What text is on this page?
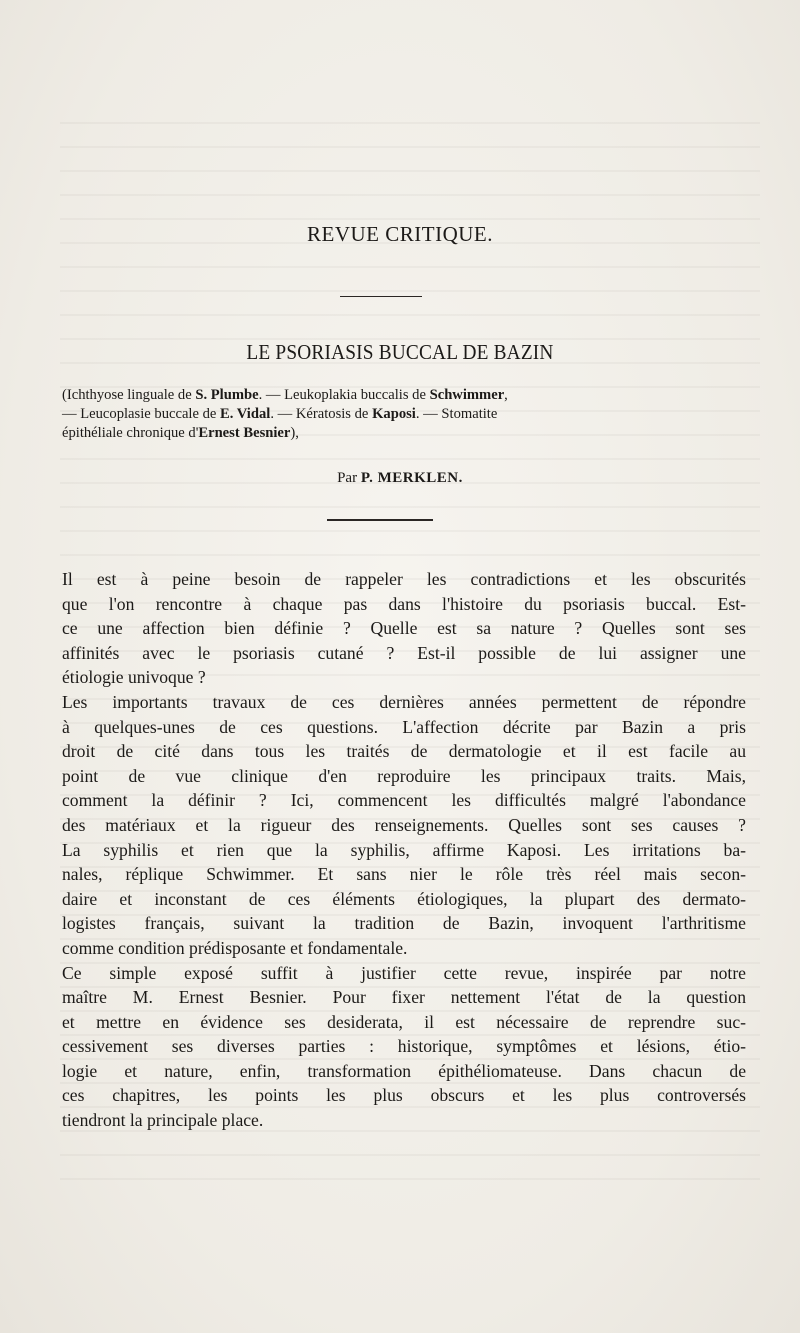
REVUE CRITIQUE.
LE PSORIASIS BUCCAL DE BAZIN
(Ichthyose linguale de S. Plumbe. — Leukoplakia buccalis de Schwimmer,
— Leucoplasie buccale de E. Vidal. — Kératosis de Kaposi. — Stomatite
épithéliale chronique d'Ernest Besnier),
Par P. MERKLEN.

Il est à peine besoin de rappeler les contradictions et les obscurités
que l'on rencontre à chaque pas dans l'histoire du psoriasis buccal. Est-
ce une affection bien définie ? Quelle est sa nature ? Quelles sont ses
affinités avec le psoriasis cutané ? Est-il possible de lui assigner une
étiologie univoque ?

Les importants travaux de ces dernières années permettent de répondre
à quelques-unes de ces questions. L'affection décrite par Bazin a pris
droit de cité dans tous les traités de dermatologie et il est facile au
point de vue clinique d'en reproduire les principaux traits. Mais,
comment la définir ? Ici, commencent les difficultés malgré l'abondance
des matériaux et la rigueur des renseignements. Quelles sont ses causes ?
La syphilis et rien que la syphilis, affirme Kaposi. Les irritations ba-
nales, réplique Schwimmer. Et sans nier le rôle très réel mais secon-
daire et inconstant de ces éléments étiologiques, la plupart des dermato-
logistes français, suivant la tradition de Bazin, invoquent l'arthritisme
comme condition prédisposante et fondamentale.

Ce simple exposé suffit à justifier cette revue, inspirée par notre
maître M. Ernest Besnier. Pour fixer nettement l'état de la question
et mettre en évidence ses desiderata, il est nécessaire de reprendre suc-
cessivement ses diverses parties : historique, symptômes et lésions, étio-
logie et nature, enfin, transformation épithéliomateuse. Dans chacun de
ces chapitres, les points les plus obscurs et les plus controversés
tiendront la principale place.
